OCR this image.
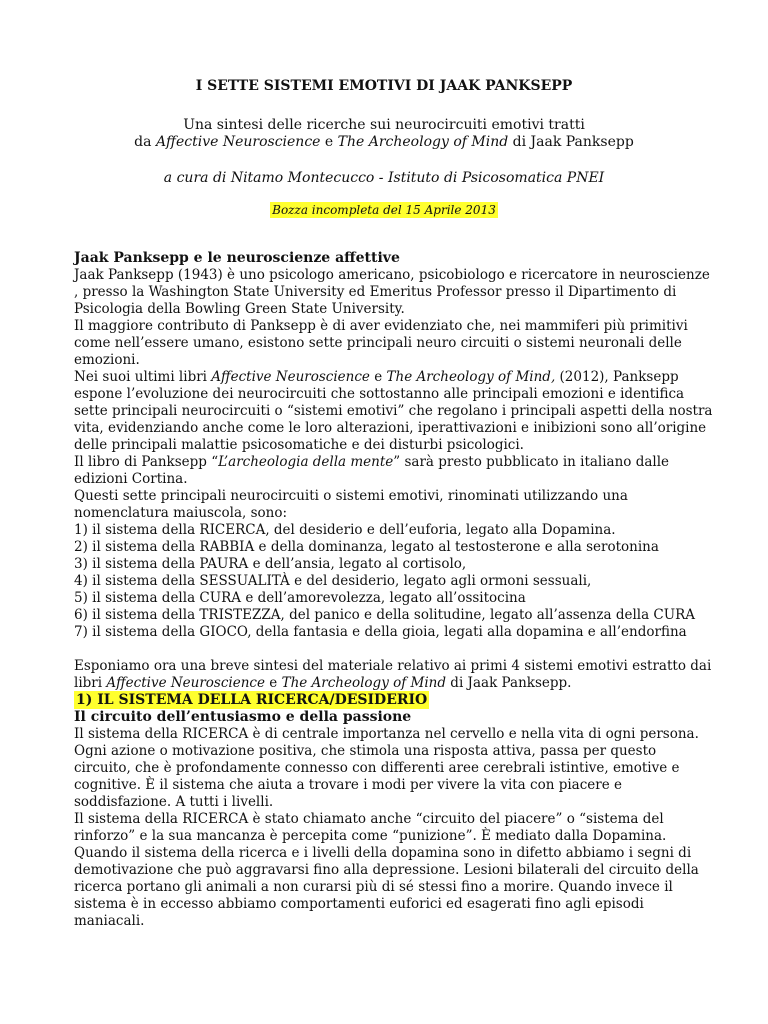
I SETTE SISTEMI EMOTIVI DI JAAK PANKSEPP
Una sintesi delle ricerche sui neurocircuiti emotivi tratti
da Affective Neuroscience e The Archeology of Mind di Jaak Panksepp
a cura di Nitamo Montecucco - Istituto di Psicosomatica PNEI
Bozza incompleta del 15 Aprile 2013

Jaak Panksepp e le neuroscienze affettive

Jaak Panksepp (1943) è uno psicologo americano, psicobiologo e ricercatore in neuroscienze , presso la Washington State University ed Emeritus Professor presso il Dipartimento di Psicologia della Bowling Green State University.

Il maggiore contributo di Panksepp è di aver evidenziato che, nei mammiferi più primitivi come nell’essere umano, esistono sette principali neuro circuiti o sistemi neuronali delle emozioni.

Nei suoi ultimi libri Affective Neuroscience e The Archeology of Mind, (2012), Panksepp espone l’evoluzione dei neurocircuiti che sottostanno alle principali emozioni e identifica sette principali neurocircuiti o “sistemi emotivi” che regolano i principali aspetti della nostra vita, evidenziando anche come le loro alterazioni, iperattivazioni e inibizioni sono all’origine delle principali malattie psicosomatiche e dei disturbi psicologici.

Il libro di Panksepp “L’archeologia della mente” sarà presto pubblicato in italiano dalle edizioni Cortina.

Questi sette principali neurocircuiti o sistemi emotivi, rinominati utilizzando una nomenclatura maiuscola, sono:

1) il sistema della RICERCA, del desiderio e dell’euforia, legato alla Dopamina.

2) il sistema della RABBIA e della dominanza, legato al testosterone e alla serotonina

3) il sistema della PAURA e dell’ansia, legato al cortisolo,

4) il sistema della SESSUALITÀ e del desiderio, legato agli ormoni sessuali,

5) il sistema della CURA e dell’amorevolezza, legato all’ossitocina

6) il sistema della TRISTEZZA, del panico e della solitudine, legato all’assenza della CURA

7) il sistema della GIOCO, della fantasia e della gioia, legati alla dopamina e all’endorfina

Esponiamo ora una breve sintesi del materiale relativo ai primi 4 sistemi emotivi estratto dai libri Affective Neuroscience e The Archeology of Mind di Jaak Panksepp.

1) IL SISTEMA DELLA RICERCA/DESIDERIO

Il circuito dell’entusiasmo e della passione

Il sistema della RICERCA è di centrale importanza nel cervello e nella vita di ogni persona. Ogni azione o motivazione positiva, che stimola una risposta attiva, passa per questo circuito, che è profondamente connesso con differenti aree cerebrali istintive, emotive e cognitive. È il sistema che aiuta a trovare i modi per vivere la vita con piacere e soddisfazione. A tutti i livelli.

Il sistema della RICERCA è stato chiamato anche “circuito del piacere” o “sistema del rinforzo” e la sua mancanza è percepita come “punizione”. È mediato dalla Dopamina.

Quando il sistema della ricerca e i livelli della dopamina sono in difetto abbiamo i segni di demotivazione che può aggravarsi fino alla depressione. Lesioni bilaterali del circuito della ricerca portano gli animali a non curarsi più di sé stessi fino a morire. Quando invece il sistema è in eccesso abbiamo comportamenti euforici ed esagerati fino agli episodi maniacali.
